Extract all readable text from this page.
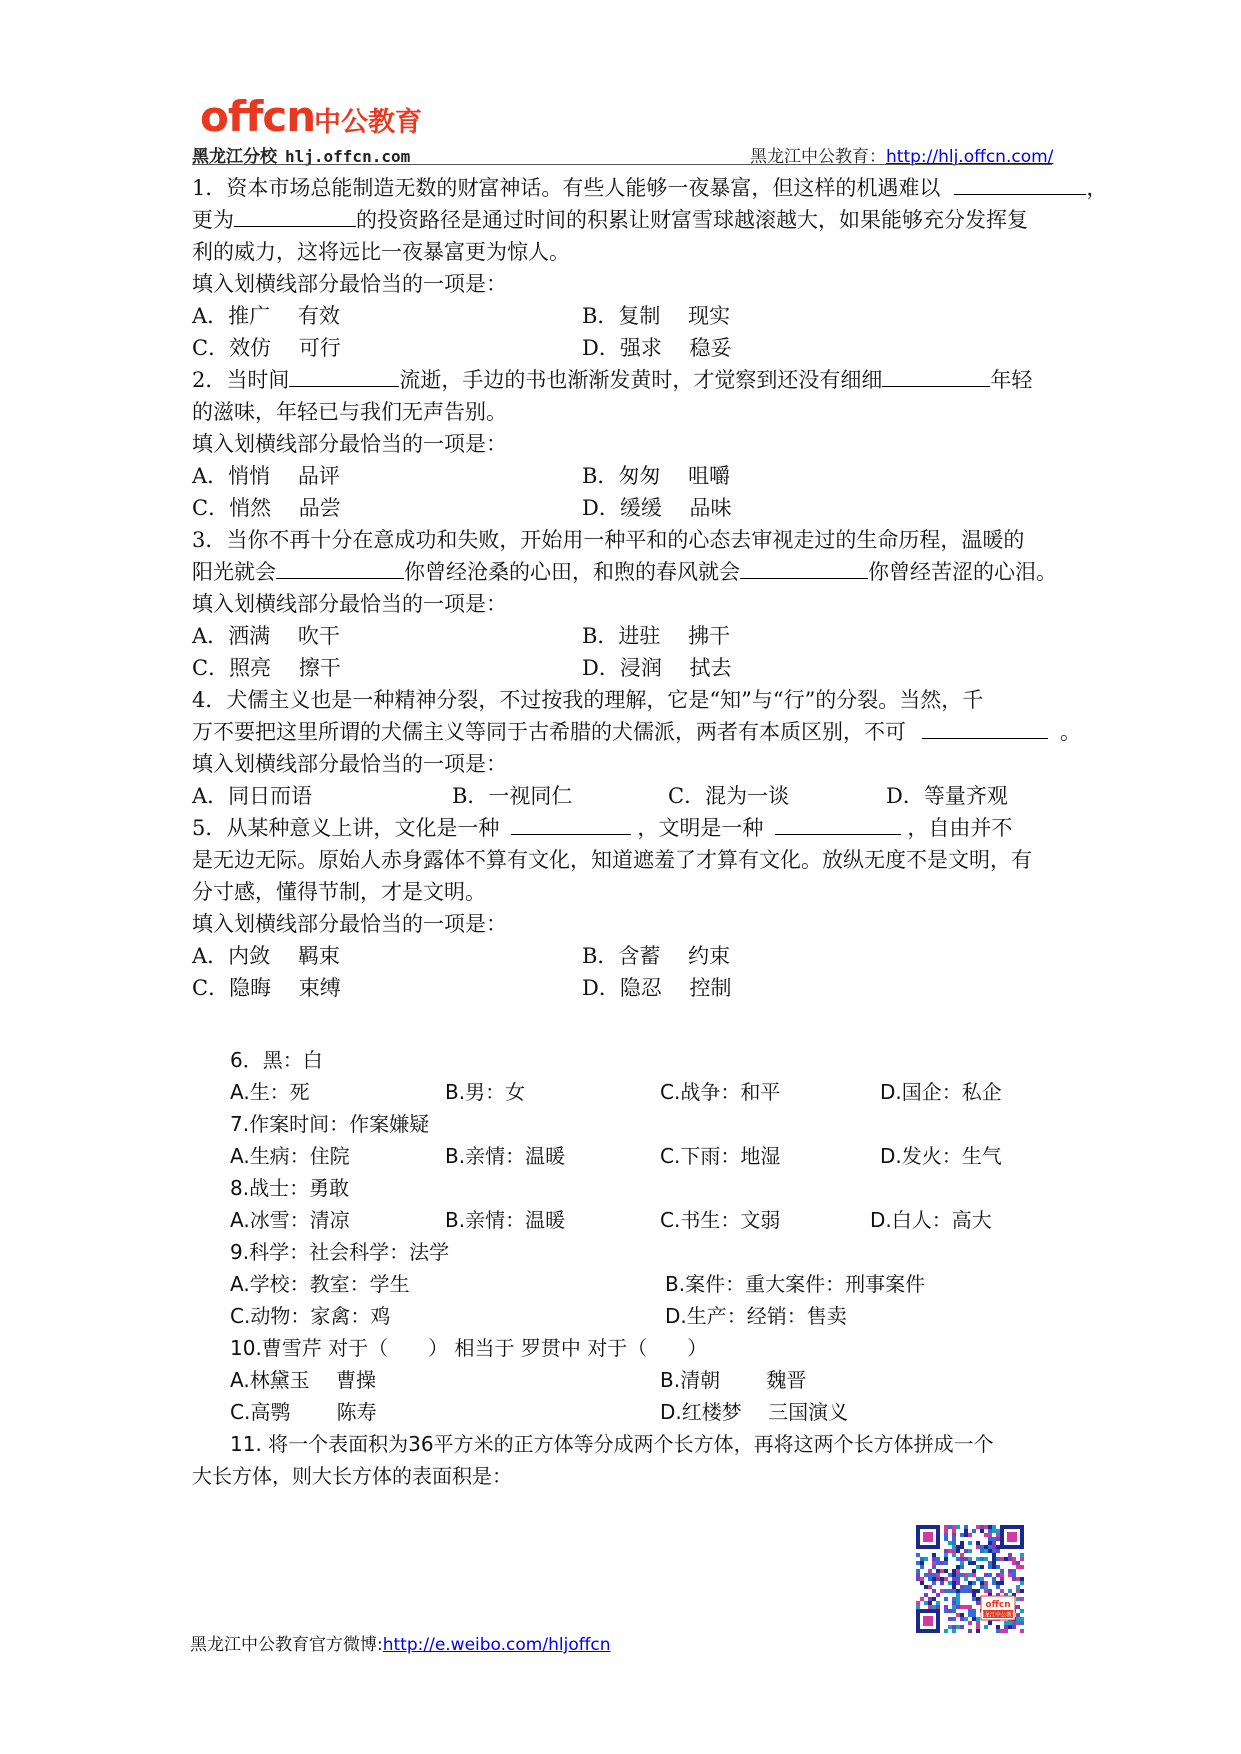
offcn
中公教育
黑龙江分校 hlj.offcn.com	黑龙江中公教育：http://hlj.offcn.com/
1．资本市场总能制造无数的财富神话。有些人能够一夜暴富，但这样的机遇难以	，
更为	的投资路径是通过时间的积累让财富雪球越滚越大，如果能够充分发挥复
利的威力，这将远比一夜暴富更为惊人。
填入划横线部分最恰当的一项是：
A．推广　 有效	B．复制　 现实
C．效仿　 可行	D．强求　 稳妥
2．当时间	流逝，手边的书也渐渐发黄时，才觉察到还没有细细	年轻
的滋味，年轻已与我们无声告别。
填入划横线部分最恰当的一项是：
A．悄悄　 品评	B．匆匆　 咀嚼
C．悄然　 品尝	D．缓缓　 品味
3．当你不再十分在意成功和失败，开始用一种平和的心态去审视走过的生命历程，温暖的
阳光就会	你曾经沧桑的心田，和煦的春风就会	你曾经苦涩的心泪。
填入划横线部分最恰当的一项是：
A．洒满　 吹干	B．进驻　 拂干
C．照亮　 擦干	D．浸润　 拭去
4．犬儒主义也是一种精神分裂，不过按我的理解，它是“知”与“行”的分裂。当然，千
万不要把这里所谓的犬儒主义等同于古希腊的犬儒派，两者有本质区别，不可	。
填入划横线部分最恰当的一项是：
A．同日而语	B．一视同仁	C．混为一谈	D．等量齐观
5．从某种意义上讲，文化是一种	，文明是一种	，自由并不
是无边无际。原始人赤身露体不算有文化，知道遮羞了才算有文化。放纵无度不是文明，有
分寸感，懂得节制，才是文明。
填入划横线部分最恰当的一项是：
A．内敛　 羁束	B．含蓄　 约束
C．隐晦　 束缚	D．隐忍　 控制
6．黑：白
A.生：死	B.男：女	C.战争：和平	D.国企：私企
7.作案时间：作案嫌疑
A.生病：住院	B.亲情：温暖	C.下雨：地湿	D.发火：生气
8.战士：勇敢
A.冰雪：清凉	B.亲情：温暖	C.书生：文弱	D.白人：高大
9.科学：社会科学：法学
A.学校：教室：学生	B.案件：重大案件：刑事案件
C.动物：家禽：鸡	D.生产：经销：售卖
10.曹雪芹 对于（　　） 相当于 罗贯中 对于（　　）
A.林黛玉　 曹操	B.清朝　　 魏晋
C.高鹗　　 陈寿	D.红楼梦　 三国演义
11. 将一个表面积为36平方米的正方体等分成两个长方体，再将这两个长方体拼成一个
大长方体，则大长方体的表面积是：
offcn
黑龙江中公教育
黑龙江中公教育官方微博:http://e.weibo.com/hljoffcn
